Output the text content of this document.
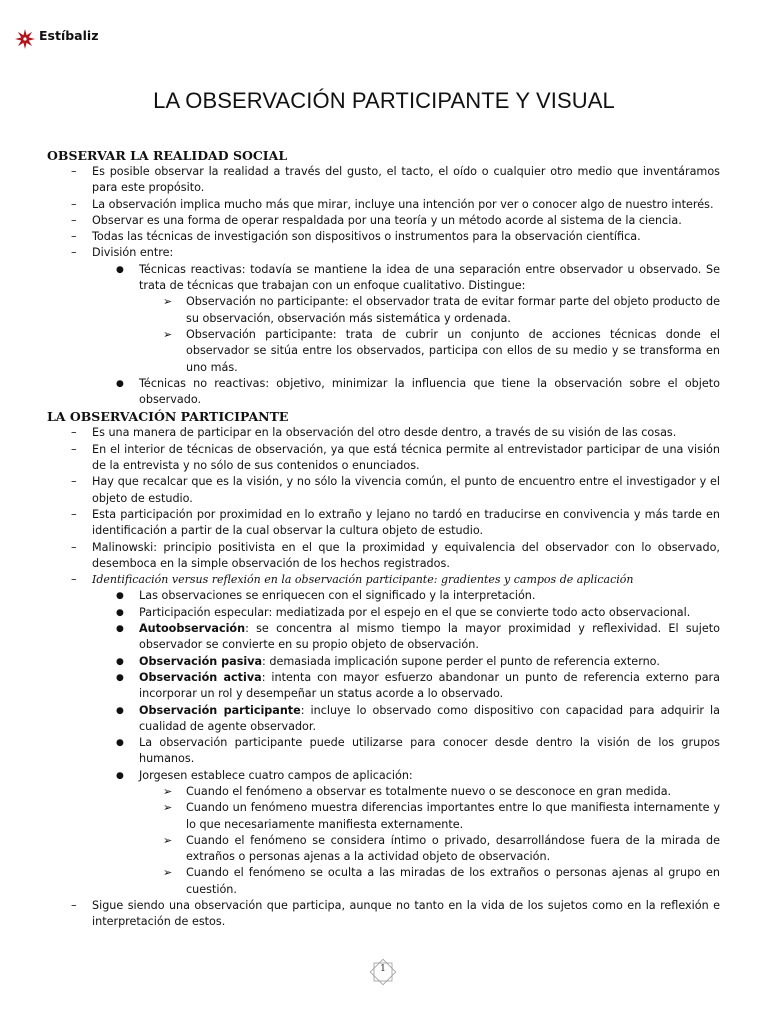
Estíbaliz
LA OBSERVACIÓN PARTICIPANTE Y VISUAL
OBSERVAR LA REALIDAD SOCIAL
– Es posible observar la realidad a través del gusto, el tacto, el oído o cualquier otro medio que inventáramos para este propósito.
– La observación implica mucho más que mirar, incluye una intención por ver o conocer algo de nuestro interés.
– Observar es una forma de operar respaldada por una teoría y un método acorde al sistema de la ciencia.
– Todas las técnicas de investigación son dispositivos o instrumentos para la observación científica.
– División entre:
● Técnicas reactivas: todavía se mantiene la idea de una separación entre observador u observado. Se trata de técnicas que trabajan con un enfoque cualitativo. Distingue:
➢ Observación no participante: el observador trata de evitar formar parte del objeto producto de su observación, observación más sistemática y ordenada.
➢ Observación participante: trata de cubrir un conjunto de acciones técnicas donde el observador se sitúa entre los observados, participa con ellos de su medio y se transforma en uno más.
● Técnicas no reactivas: objetivo, minimizar la influencia que tiene la observación sobre el objeto observado.
LA OBSERVACIÓN PARTICIPANTE
– Es una manera de participar en la observación del otro desde dentro, a través de su visión de las cosas.
– En el interior de técnicas de observación, ya que está técnica permite al entrevistador participar de una visión de la entrevista y no sólo de sus contenidos o enunciados.
– Hay que recalcar que es la visión, y no sólo la vivencia común, el punto de encuentro entre el investigador y el objeto de estudio.
– Esta participación por proximidad en lo extraño y lejano no tardó en traducirse en convivencia y más tarde en identificación a partir de la cual observar la cultura objeto de estudio.
– Malinowski: principio positivista en el que la proximidad y equivalencia del observador con lo observado, desemboca en la simple observación de los hechos registrados.
– Identificación versus reflexión en la observación participante: gradientes y campos de aplicación
● Las observaciones se enriquecen con el significado y la interpretación.
● Participación especular: mediatizada por el espejo en el que se convierte todo acto observacional.
● Autoobservación: se concentra al mismo tiempo la mayor proximidad y reflexividad. El sujeto observador se convierte en su propio objeto de observación.
● Observación pasiva: demasiada implicación supone perder el punto de referencia externo.
● Observación activa: intenta con mayor esfuerzo abandonar un punto de referencia externo para incorporar un rol y desempeñar un status acorde a lo observado.
● Observación participante: incluye lo observado como dispositivo con capacidad para adquirir la cualidad de agente observador.
● La observación participante puede utilizarse para conocer desde dentro la visión de los grupos humanos.
● Jorgesen establece cuatro campos de aplicación:
➢ Cuando el fenómeno a observar es totalmente nuevo o se desconoce en gran medida.
➢ Cuando un fenómeno muestra diferencias importantes entre lo que manifiesta internamente y lo que necesariamente manifiesta externamente.
➢ Cuando el fenómeno se considera íntimo o privado, desarrollándose fuera de la mirada de extraños o personas ajenas a la actividad objeto de observación.
➢ Cuando el fenómeno se oculta a las miradas de los extraños o personas ajenas al grupo en cuestión.
– Sigue siendo una observación que participa, aunque no tanto en la vida de los sujetos como en la reflexión e interpretación de estos.
1
